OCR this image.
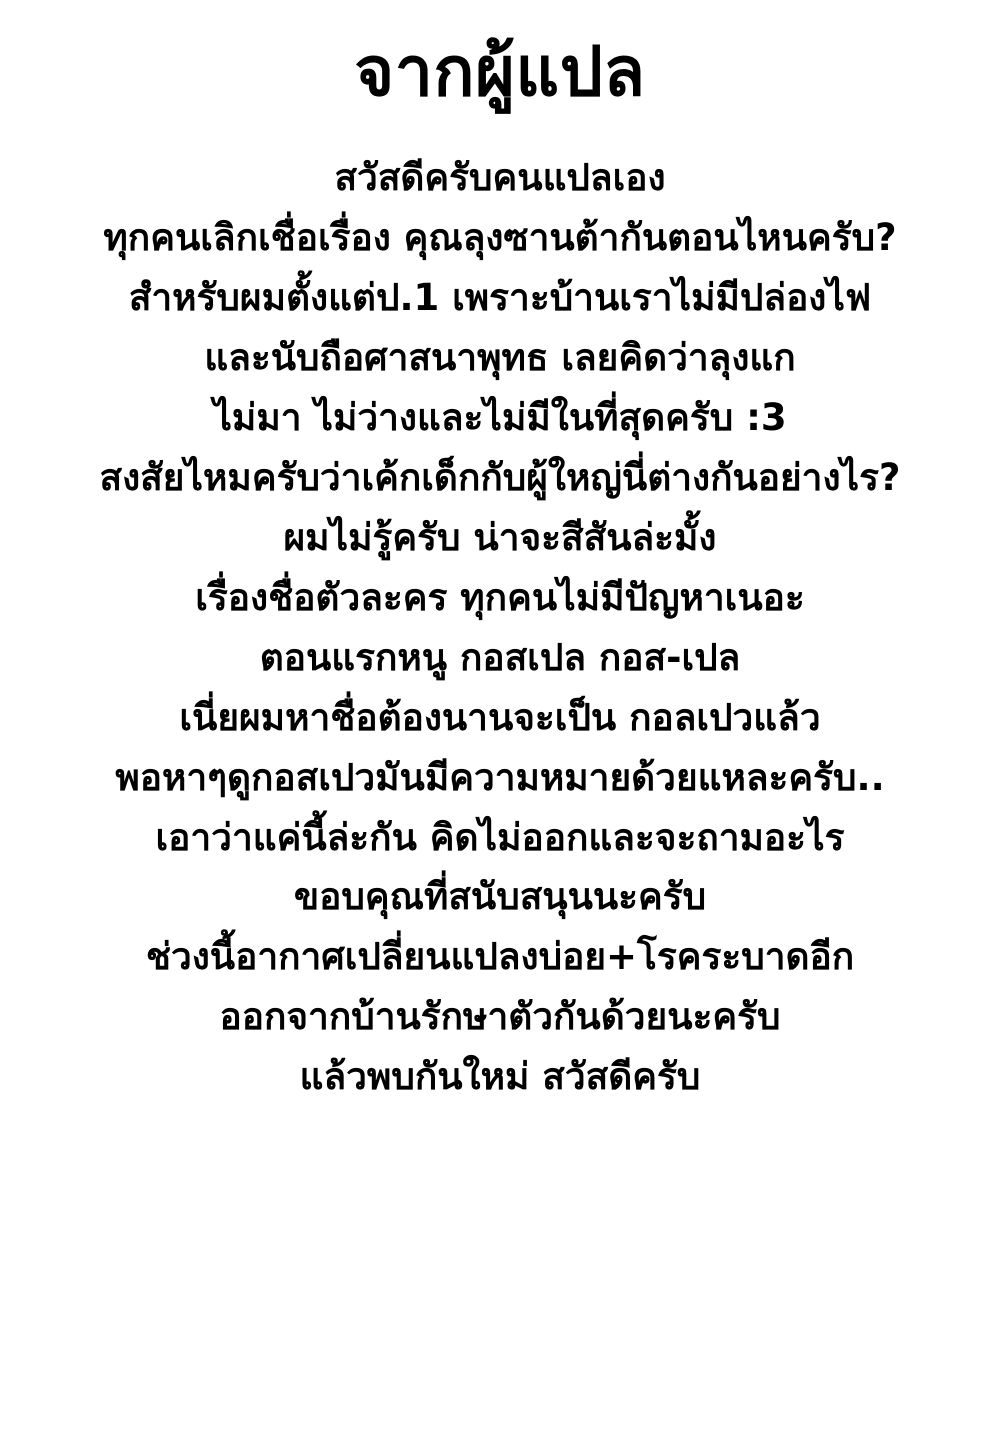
จากผู้แปล
สวัสดีครับคนแปลเอง
ทุกคนเลิกเชื่อเรื่อง คุณลุงซานต้ากันตอนไหนครับ?
สำหรับผมตั้งแต่ป.1 เพราะบ้านเราไม่มีปล่องไฟ
และนับถือศาสนาพุทธ เลยคิดว่าลุงแก
ไม่มา ไม่ว่างและไม่มีในที่สุดครับ :3
สงสัยไหมครับว่าเค้กเด็กกับผู้ใหญ่นี่ต่างกันอย่างไร?
ผมไม่รู้ครับ น่าจะสีสันล่ะมั้ง
เรื่องชื่อตัวละคร ทุกคนไม่มีปัญหาเนอะ
ตอนแรกหนู กอสเปล กอส-เปล
เนี่ยผมหาชื่อต้องนานจะเป็น กอลเปวแล้ว
พอหาๆดูกอสเปวมันมีความหมายด้วยแหละครับ..
เอาว่าแค่นี้ล่ะกัน คิดไม่ออกและจะถามอะไร
ขอบคุณที่สนับสนุนนะครับ
ช่วงนี้อากาศเปลี่ยนแปลงบ่อย+โรคระบาดอีก
ออกจากบ้านรักษาตัวกันด้วยนะครับ
แล้วพบกันใหม่ สวัสดีครับ
